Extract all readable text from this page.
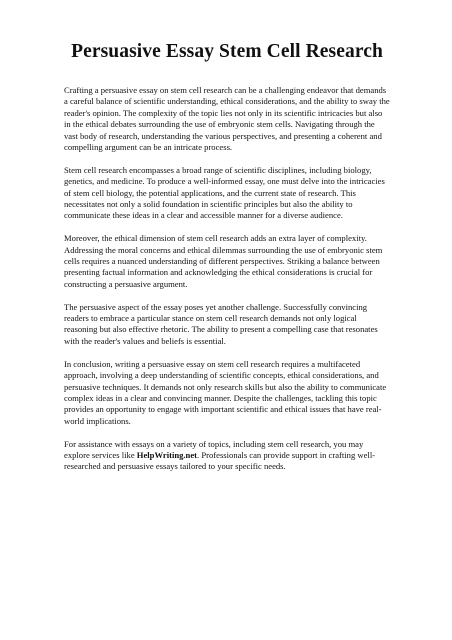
Persuasive Essay Stem Cell Research

Crafting a persuasive essay on stem cell research can be a challenging endeavor that demands a careful balance of scientific understanding, ethical considerations, and the ability to sway the reader's opinion. The complexity of the topic lies not only in its scientific intricacies but also in the ethical debates surrounding the use of embryonic stem cells. Navigating through the vast body of research, understanding the various perspectives, and presenting a coherent and compelling argument can be an intricate process.

Stem cell research encompasses a broad range of scientific disciplines, including biology, genetics, and medicine. To produce a well-informed essay, one must delve into the intricacies of stem cell biology, the potential applications, and the current state of research. This necessitates not only a solid foundation in scientific principles but also the ability to communicate these ideas in a clear and accessible manner for a diverse audience.

Moreover, the ethical dimension of stem cell research adds an extra layer of complexity. Addressing the moral concerns and ethical dilemmas surrounding the use of embryonic stem cells requires a nuanced understanding of different perspectives. Striking a balance between presenting factual information and acknowledging the ethical considerations is crucial for constructing a persuasive argument.

The persuasive aspect of the essay poses yet another challenge. Successfully convincing readers to embrace a particular stance on stem cell research demands not only logical reasoning but also effective rhetoric. The ability to present a compelling case that resonates with the reader's values and beliefs is essential.

In conclusion, writing a persuasive essay on stem cell research requires a multifaceted approach, involving a deep understanding of scientific concepts, ethical considerations, and persuasive techniques. It demands not only research skills but also the ability to communicate complex ideas in a clear and convincing manner. Despite the challenges, tackling this topic provides an opportunity to engage with important scientific and ethical issues that have real-world implications.

For assistance with essays on a variety of topics, including stem cell research, you may explore services like HelpWriting.net. Professionals can provide support in crafting well-researched and persuasive essays tailored to your specific needs.
